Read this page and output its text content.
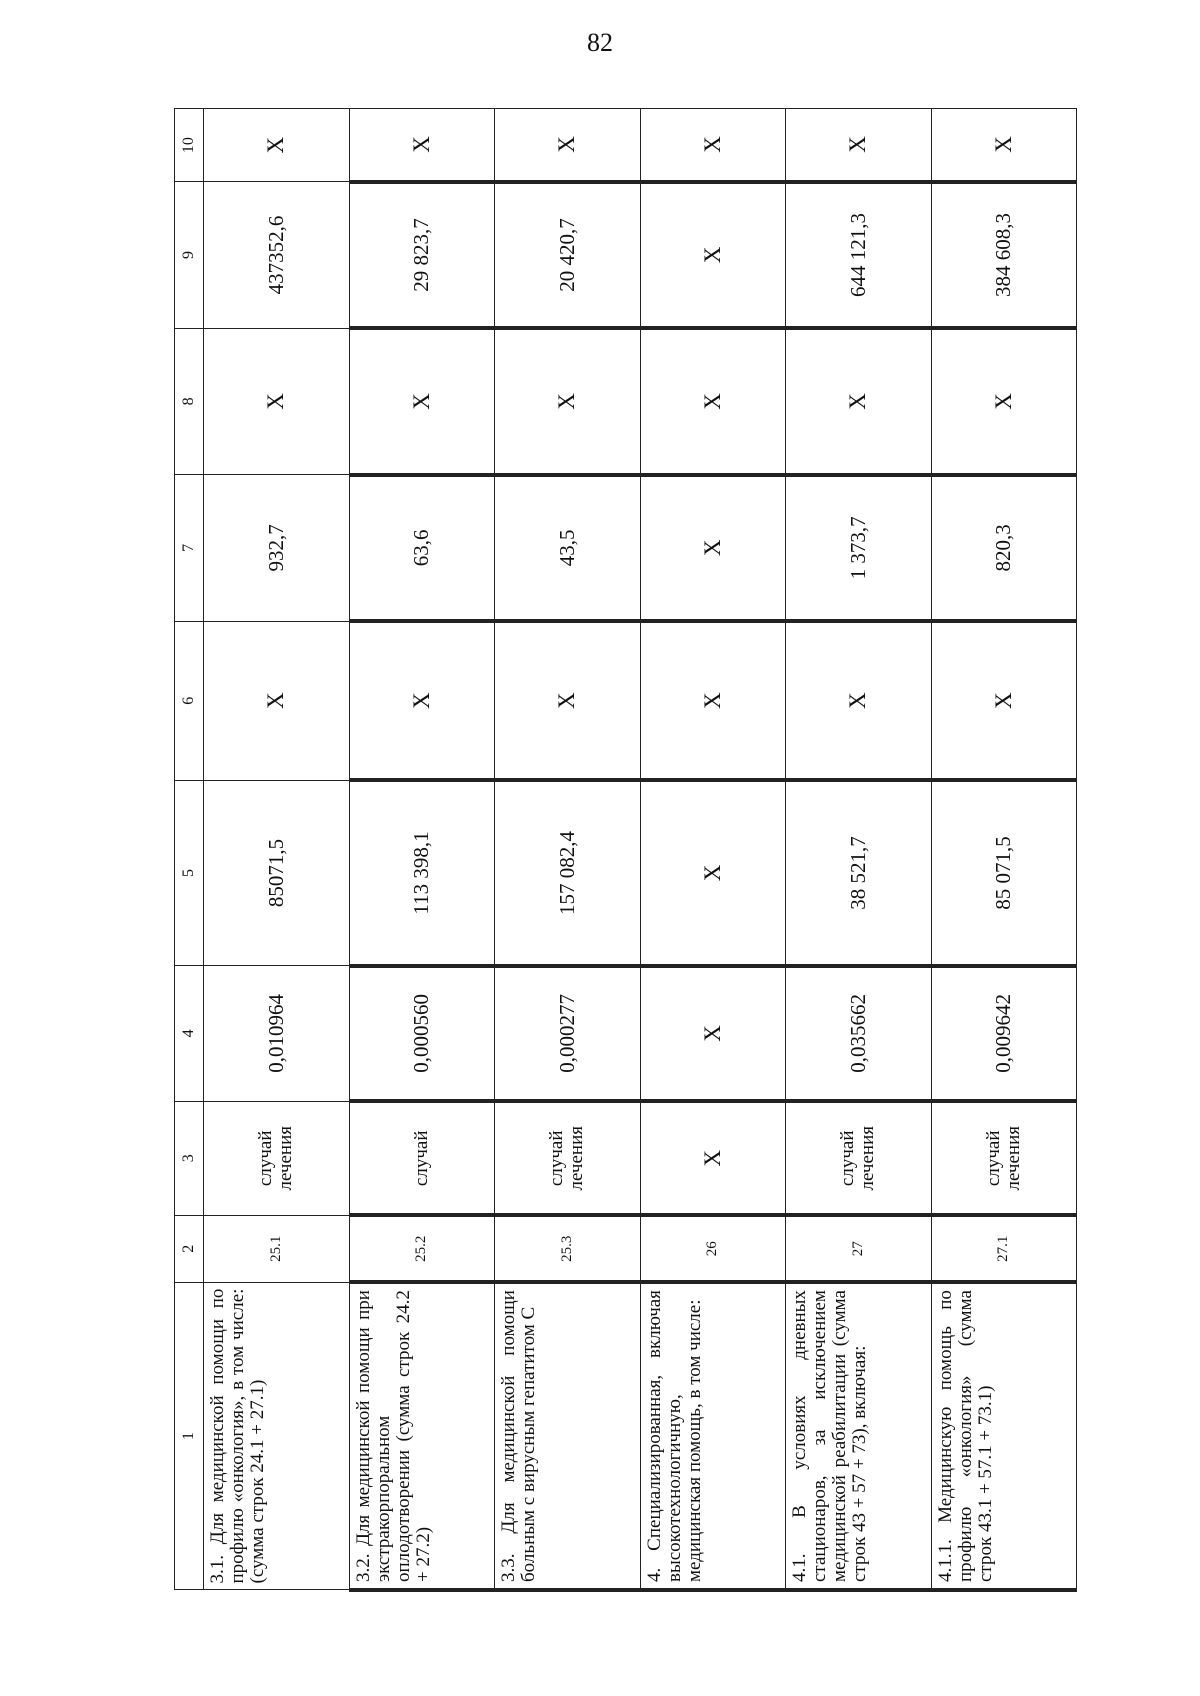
82
1	2	3	4	5	6	7	8	9	10
3.1. Для медицинской помощи по профилю «онкология», в том числе: (сумма строк 24.1 + 27.1)	25.1	случай лечения	0,010964	85071,5	X	932,7	X	437352,6	X
3.2. Для медицинской помощи при экстракорпоральном оплодотворении (сумма строк 24.2 + 27.2)	25.2	случай	0,000560	113 398,1	X	63,6	X	29 823,7	X
3.3. Для медицинской помощи больным с вирусным гепатитом С	25.3	случай лечения	0,000277	157 082,4	X	43,5	X	20 420,7	X
4. Специализированная, включая высокотехнологичную, медицинская помощь, в том числе:	26	X	X	X	X	X	X	X	X
4.1. В условиях дневных стационаров, за исключением медицинской реабилитации (сумма строк 43 + 57 + 73), включая:	27	случай лечения	0,035662	38 521,7	X	1 373,7	X	644 121,3	X
4.1.1. Медицинскую помощь по профилю «онкология» (сумма строк 43.1 + 57.1 + 73.1)	27.1	случай лечения	0,009642	85 071,5	X	820,3	X	384 608,3	X
